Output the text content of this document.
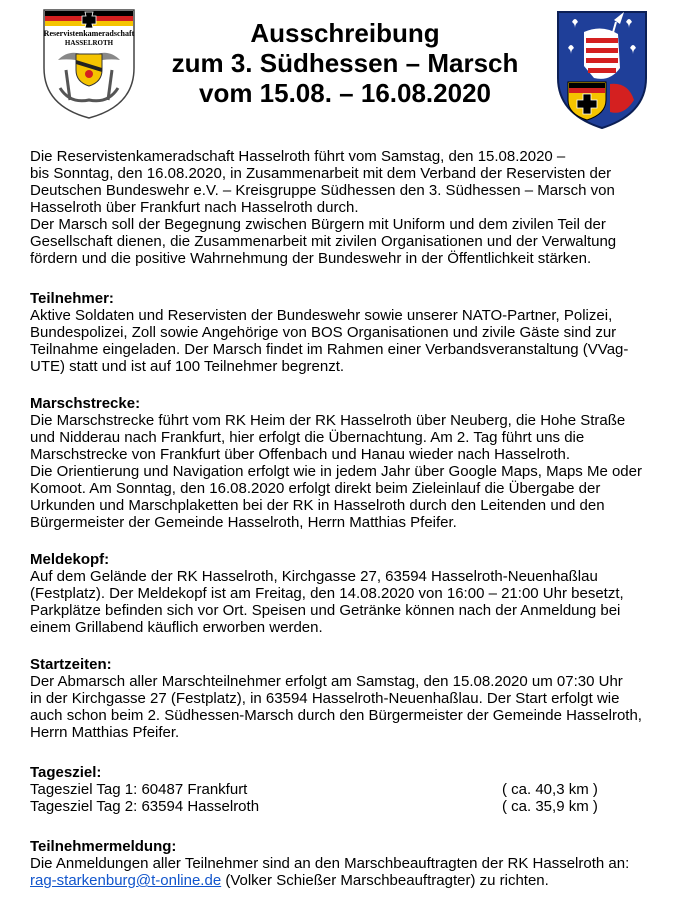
Reservistenkameradschaft
HASSELROTH	Ausschreibung
zum 3. Südhessen – Marsch
vom 15.08. – 16.08.2020

Die Reservistenkameradschaft Hasselroth führt vom Samstag, den 15.08.2020 –

bis Sonntag, den 16.08.2020, in Zusammenarbeit mit dem Verband der Reservisten der

Deutschen Bundeswehr e.V. – Kreisgruppe Südhessen den 3. Südhessen – Marsch von

Hasselroth über Frankfurt nach Hasselroth durch.

Der Marsch soll der Begegnung zwischen Bürgern mit Uniform und dem zivilen Teil der

Gesellschaft dienen, die Zusammenarbeit mit zivilen Organisationen und der Verwaltung

fördern und die positive Wahrnehmung der Bundeswehr in der Öffentlichkeit stärken.

Teilnehmer:

Aktive Soldaten und Reservisten der Bundeswehr sowie unserer NATO-Partner, Polizei,

Bundespolizei, Zoll sowie Angehörige von BOS Organisationen und zivile Gäste sind zur

Teilnahme eingeladen. Der Marsch findet im Rahmen einer Verbandsveranstaltung (VVag-

UTE) statt und ist auf 100 Teilnehmer begrenzt.

Marschstrecke:

Die Marschstrecke führt vom RK Heim der RK Hasselroth über Neuberg, die Hohe Straße

und Nidderau nach Frankfurt, hier erfolgt die Übernachtung. Am 2. Tag führt uns die

Marschstrecke von Frankfurt über Offenbach und Hanau wieder nach Hasselroth.

Die Orientierung und Navigation erfolgt wie in jedem Jahr über Google Maps, Maps Me oder

Komoot. Am Sonntag, den 16.08.2020 erfolgt direkt beim Zieleinlauf die Übergabe der

Urkunden und Marschplaketten bei der RK in Hasselroth durch den Leitenden und den

Bürgermeister der Gemeinde Hasselroth, Herrn Matthias Pfeifer.

Meldekopf:

Auf dem Gelände der RK Hasselroth, Kirchgasse 27, 63594 Hasselroth-Neuenhaßlau

(Festplatz). Der Meldekopf ist am Freitag, den 14.08.2020 von 16:00 – 21:00 Uhr besetzt,

Parkplätze befinden sich vor Ort. Speisen und Getränke können nach der Anmeldung bei

einem Grillabend käuflich erworben werden.

Startzeiten:

Der Abmarsch aller Marschteilnehmer erfolgt am Samstag, den 15.08.2020 um 07:30 Uhr

in der Kirchgasse 27 (Festplatz), in 63594 Hasselroth-Neuenhaßlau. Der Start erfolgt wie

auch schon beim 2. Südhessen-Marsch durch den Bürgermeister der Gemeinde Hasselroth,

Herrn Matthias Pfeifer.

Tagesziel:

Tagesziel Tag 1: 60487 Frankfurt	( ca. 40,3 km )
Tagesziel Tag 2: 63594 Hasselroth	( ca. 35,9 km )

Teilnehmermeldung:

Die Anmeldungen aller Teilnehmer sind an den Marschbeauftragten der RK Hasselroth an:

rag-starkenburg@t-online.de (Volker Schießer Marschbeauftragter) zu richten.
